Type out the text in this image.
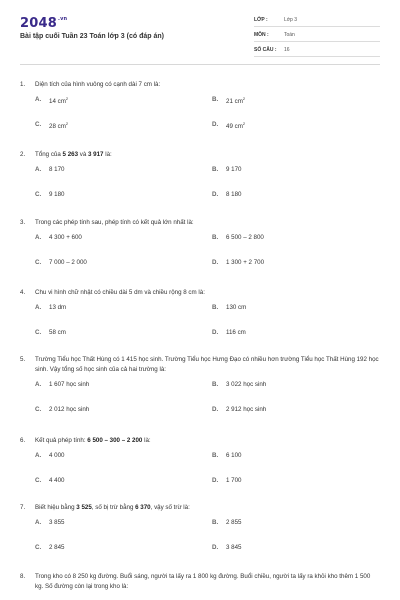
$2048^{.vn}$
Bài tập cuối Tuần 23 Toán lớp 3 (có đáp án)
LỚP :	Lớp 3
MÔN :	Toán
SỐ CÂU :	16
1.	Diện tích của hình vuông có cạnh dài 7 cm là:
A.	14 $cm^2$	B.	21 $cm^2$
C.	28 $cm^2$	D.	49 $cm^2$
2.	Tổng của 5 263 và 3 917 là:
A.	8 170	B.	9 170
C.	9 180	D.	8 180
3.	Trong các phép tính sau, phép tính có kết quả lớn nhất là:
A.	4 300 + 600	B.	6 500 – 2 800
C.	7 000 – 2 000	D.	1 300 + 2 700
4.	Chu vi hình chữ nhật có chiều dài 5 dm và chiều rộng 8 cm là:
A.	13 dm	B.	130 cm
C.	58 cm	D.	116 cm
5.	Trường Tiểu học Thất Hùng có 1 415 học sinh. Trường Tiểu học Hưng Đạo có nhiều hơn trường Tiểu học Thất Hùng 192 học sinh. Vậy tổng số học sinh của cả hai trường là:
A.	1 607 học sinh	B.	3 022 học sinh
C.	2 012 học sinh	D.	2 912 học sinh
6.	Kết quả phép tính: 6 500 – 300 – 2 200 là:
A.	4 000	B.	6 100
C.	4 400	D.	1 700
7.	Biết hiệu bằng 3 525, số bị trừ bằng 6 370, vậy số trừ là:
A.	3 855	B.	2 855
C.	2 845	D.	3 845
8.	Trong kho có 8 250 kg đường. Buổi sáng, người ta lấy ra 1 800 kg đường. Buổi chiều, người ta lấy ra khỏi kho thêm 1 500 kg. Số đường còn lại trong kho là:
